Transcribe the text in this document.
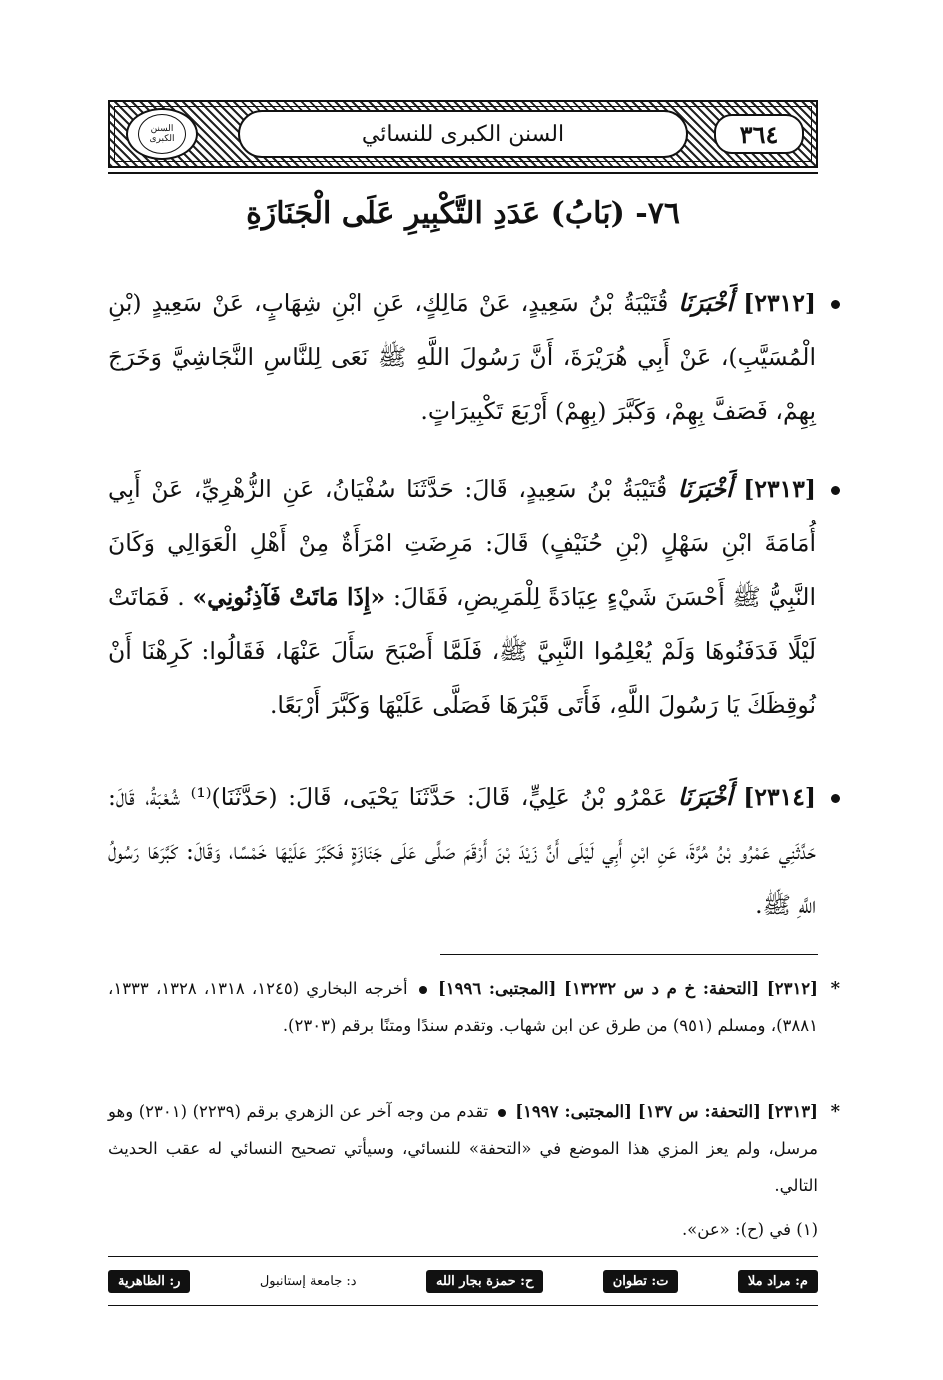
٣٦٤
السنن الكبرى للنسائي
السنن الكبرى
٧٦- (بَابُ) عَدَدِ التَّكْبِيرِ عَلَى الْجَنَازَةِ
[٢٣١٢] أَخْبَرَنَا قُتَيْبَةُ بْنُ سَعِيدٍ، عَنْ مَالِكٍ، عَنِ ابْنِ شِهَابٍ، عَنْ سَعِيدٍ (بْنِ الْمُسَيَّبِ)، عَنْ أَبِي هُرَيْرَةَ، أَنَّ رَسُولَ اللَّهِ ﷺ نَعَى لِلنَّاسِ النَّجَاشِيَّ وَخَرَجَ بِهِمْ، فَصَفَّ بِهِمْ، وَكَبَّرَ (بِهِمْ) أَرْبَعَ تَكْبِيرَاتٍ.
[٢٣١٣] أَخْبَرَنَا قُتَيْبَةُ بْنُ سَعِيدٍ، قَالَ: حَدَّثَنَا سُفْيَانُ، عَنِ الزُّهْرِيِّ، عَنْ أَبِي أُمَامَةَ ابْنِ سَهْلٍ (بْنِ حُنَيْفٍ) قَالَ: مَرِضَتِ امْرَأَةٌ مِنْ أَهْلِ الْعَوَالِي وَكَانَ النَّبِيُّ ﷺ أَحْسَنَ شَيْءٍ عِيَادَةً لِلْمَرِيضِ، فَقَالَ: «إِذَا مَاتَتْ فَآذِنُونِي» . فَمَاتَتْ لَيْلًا فَدَفَنُوهَا وَلَمْ يُعْلِمُوا النَّبِيَّ ﷺ، فَلَمَّا أَصْبَحَ سَأَلَ عَنْهَا، فَقَالُوا: كَرِهْنَا أَنْ نُوقِظَكَ يَا رَسُولَ اللَّهِ، فَأَتَى قَبْرَهَا فَصَلَّى عَلَيْهَا وَكَبَّرَ أَرْبَعًا.
[٢٣١٤] أَخْبَرَنَا عَمْرُو بْنُ عَلِيٍّ، قَالَ: حَدَّثَنَا يَحْيَى، قَالَ: (حَدَّثَنَا)⁽¹⁾ شُعْبَةُ، قَالَ: حَدَّثَنِي عَمْرُو بْنُ مُرَّةَ، عَنِ ابْنِ أَبِي لَيْلَى أَنَّ زَيْدَ بْنَ أَرْقَمَ صَلَّى عَلَى جَنَازَةٍ فَكَبَّرَ عَلَيْهَا خَمْسًا، وَقَالَ: كَبَّرَهَا رَسُولُ اللَّهِ ﷺ.
*
[٢٣١٢] [التحفة: خ م د س ١٣٢٣٢] [المجتبى: ١٩٩٦]  أخرجه البخاري (١٢٤٥، ١٣١٨، ١٣٢٨، ١٣٣٣، ٣٨٨١)، ومسلم (٩٥١) من طرق عن ابن شهاب. وتقدم سندًا ومتنًا برقم (٢٣٠٣).
*
[٢٣١٣] [التحفة: س ١٣٧] [المجتبى: ١٩٩٧]  تقدم من وجه آخر عن الزهري برقم (٢٢٣٩) (٢٣٠١) وهو مرسل، ولم يعز المزي هذا الموضع في «التحفة» للنسائي، وسيأتي تصحيح النسائي له عقب الحديث التالي.
(١) في (ح): «عن».
م: مراد ملا
ت: تطوان
ح: حمزة بجار الله
د: جامعة إستانبول
ر: الظاهرية
